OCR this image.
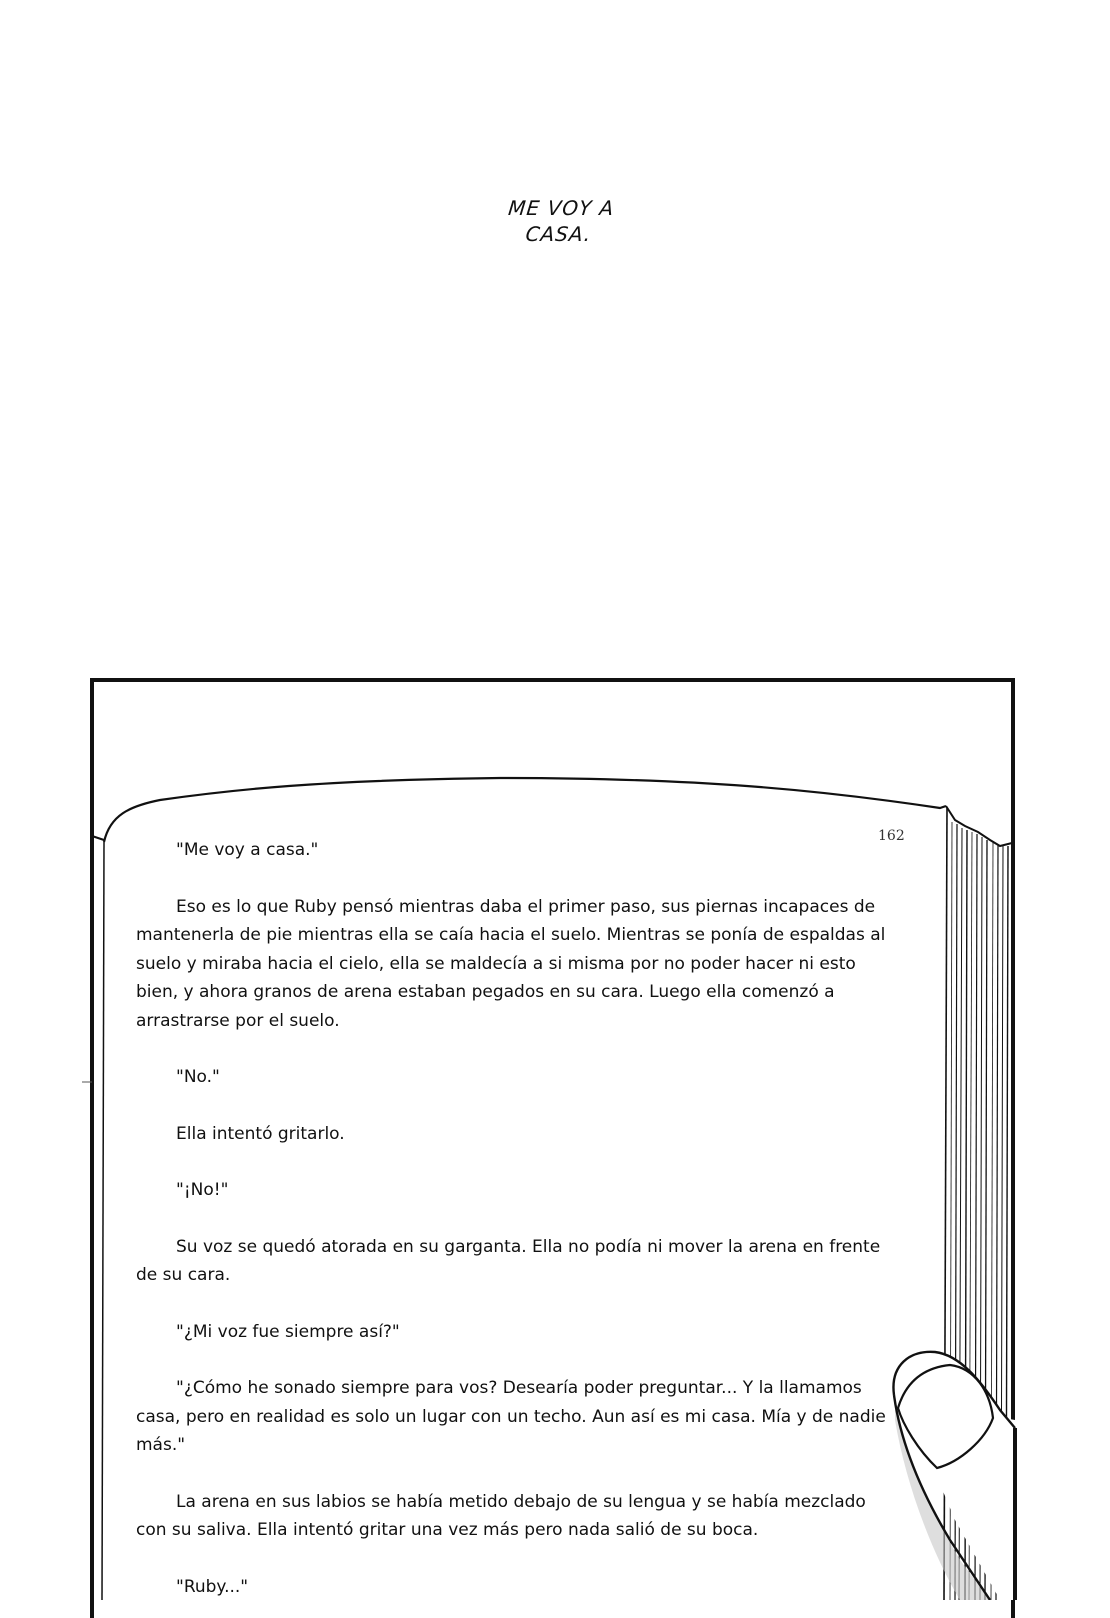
ME VOY A
CASA.
162

"Me voy a casa."

Eso es lo que Ruby pensó mientras daba el primer paso, sus piernas incapaces de mantenerla de pie mientras ella se caía hacia el suelo. Mientras se ponía de espaldas al suelo y miraba hacia el cielo, ella se maldecía a si misma por no poder hacer ni esto bien, y ahora granos de arena estaban pegados en su cara. Luego ella comenzó a arrastrarse por el suelo.

"No."

Ella intentó gritarlo.

"¡No!"

Su voz se quedó atorada en su garganta. Ella no podía ni mover la arena en frente de su cara.

"¿Mi voz fue siempre así?"

"¿Cómo he sonado siempre para vos? Desearía poder preguntar... Y la llamamos casa, pero en realidad es solo un lugar con un techo. Aun así es mi casa. Mía y de nadie más."

La arena en sus labios se había metido debajo de su lengua y se había mezclado con su saliva. Ella intentó gritar una vez más pero nada salió de su boca.

"Ruby..."
